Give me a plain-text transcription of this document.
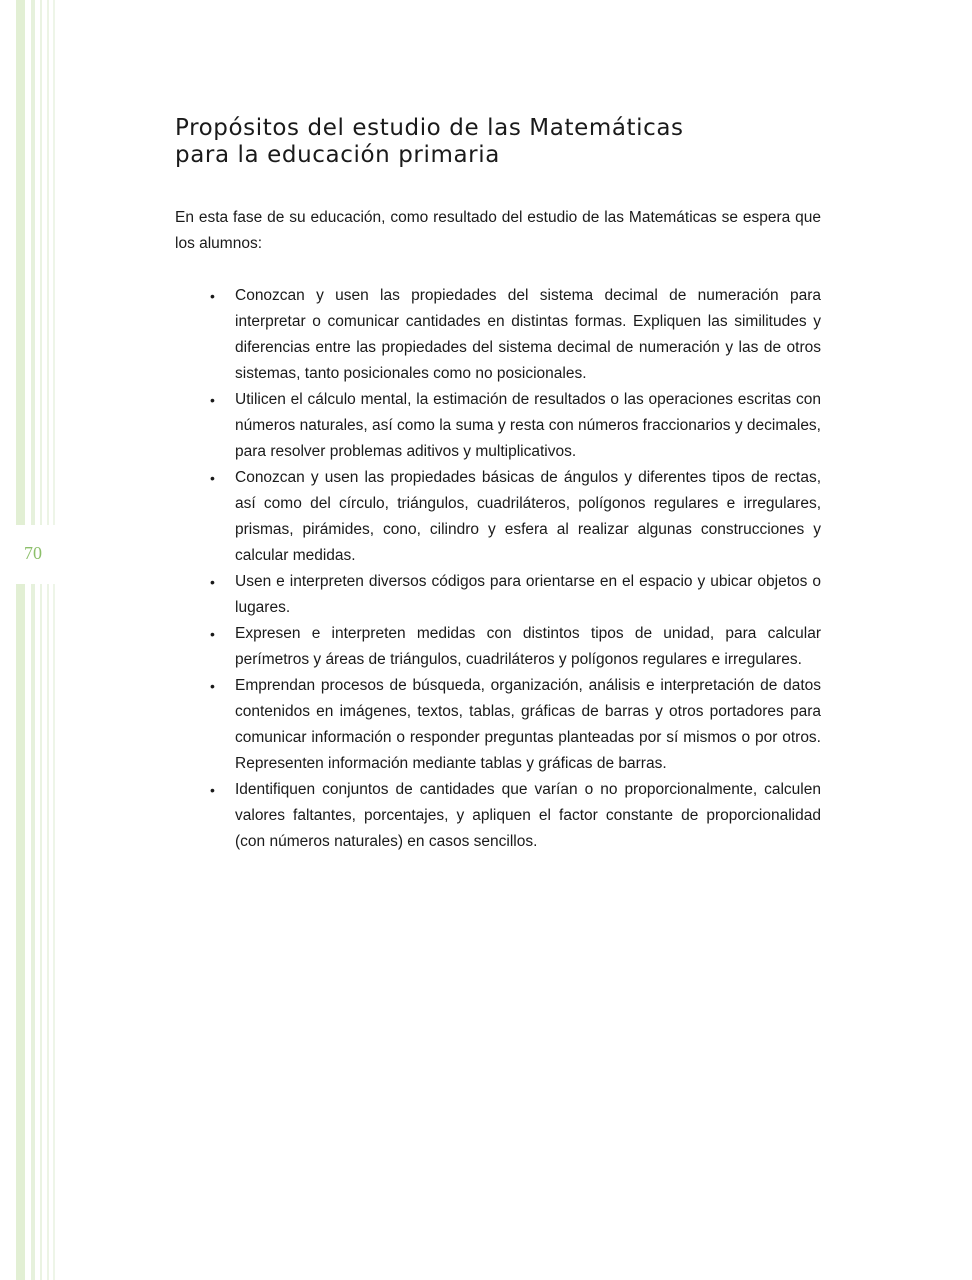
70
Propósitos del estudio de las Matemáticas
para la educación primaria

En esta fase de su educación, como resultado del estudio de las Matemáticas se espera que los alumnos:

• Conozcan y usen las propiedades del sistema decimal de numeración para interpretar o comunicar cantidades en distintas formas. Expliquen las similitudes y diferencias entre las propiedades del sistema decimal de numeración y las de otros sistemas, tanto posicionales como no posicionales.
• Utilicen el cálculo mental, la estimación de resultados o las operaciones escritas con números naturales, así como la suma y resta con números fraccionarios y decimales, para resolver problemas aditivos y multiplicativos.
• Conozcan y usen las propiedades básicas de ángulos y diferentes tipos de rectas, así como del círculo, triángulos, cuadriláteros, polígonos regulares e irregulares, prismas, pirámides, cono, cilindro y esfera al realizar algunas construcciones y calcular medidas.
• Usen e interpreten diversos códigos para orientarse en el espacio y ubicar objetos o lugares.
• Expresen e interpreten medidas con distintos tipos de unidad, para calcular perímetros y áreas de triángulos, cuadriláteros y polígonos regulares e irregulares.
• Emprendan procesos de búsqueda, organización, análisis e interpretación de datos contenidos en imágenes, textos, tablas, gráficas de barras y otros portadores para comunicar información o responder preguntas planteadas por sí mismos o por otros. Representen información mediante tablas y gráficas de barras.
• Identifiquen conjuntos de cantidades que varían o no proporcionalmente, calculen valores faltantes, porcentajes, y apliquen el factor constante de proporcionalidad (con números naturales) en casos sencillos.
